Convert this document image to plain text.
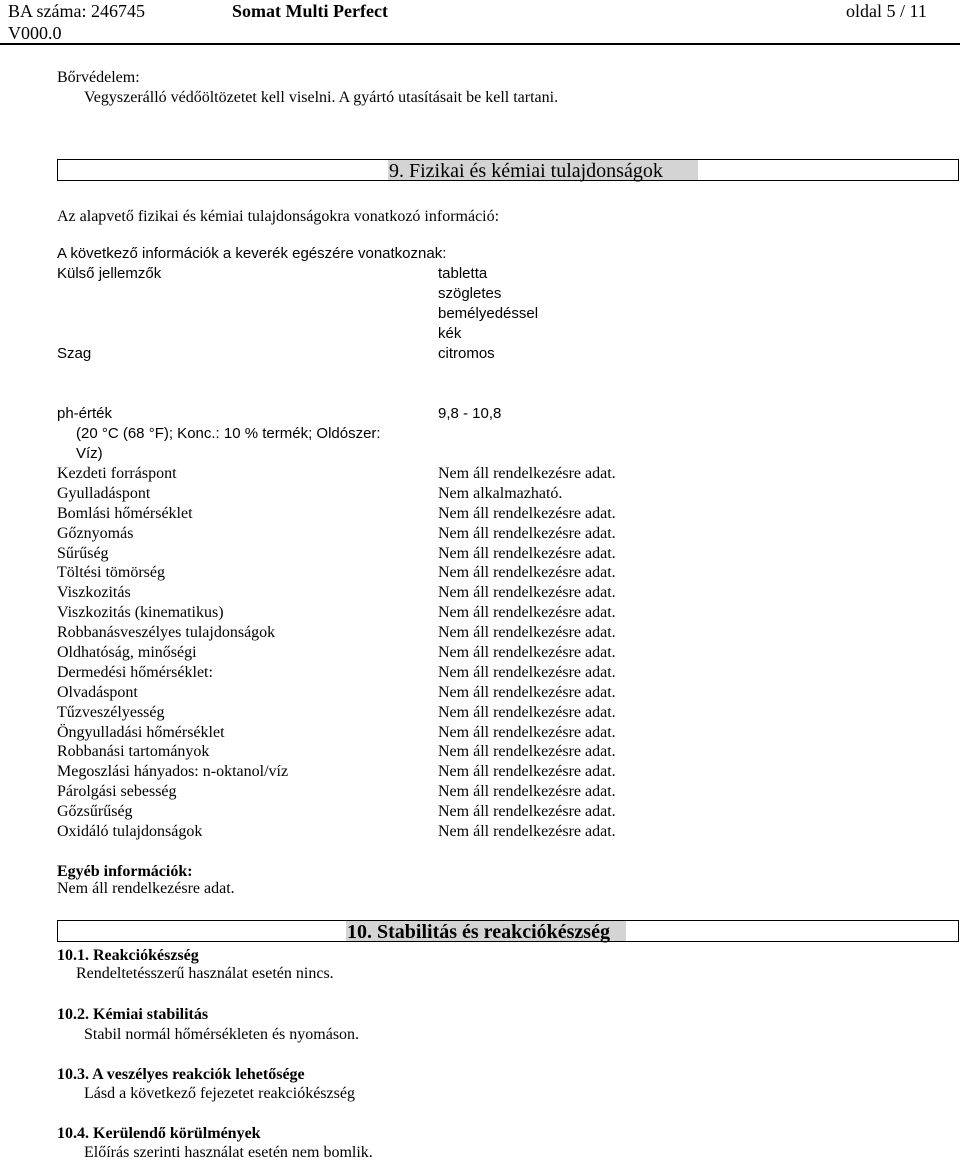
BA száma: 246745
V000.0
Somat Multi Perfect	oldal 5 / 11
Bőrvédelem:
Vegyszerálló védőöltözetet kell viselni. A gyártó utasításait be kell tartani.
9. Fizikai és kémiai tulajdonságok
Az alapvető fizikai és kémiai tulajdonságokra vonatkozó információ:
A következő információk a keverék egészére vonatkoznak:
Külső jellemzők	tabletta
szögletes
bemélyedéssel
kék
Szag	citromos
ph-érték	9,8 - 10,8
(20 °C (68 °F); Konc.: 10 % termék; Oldószer:
Víz)
Kezdeti forráspont	Nem áll rendelkezésre adat.
Gyulladáspont	Nem alkalmazható.
Bomlási hőmérséklet	Nem áll rendelkezésre adat.
Gőznyomás	Nem áll rendelkezésre adat.
Sűrűség	Nem áll rendelkezésre adat.
Töltési tömörség	Nem áll rendelkezésre adat.
Viszkozitás	Nem áll rendelkezésre adat.
Viszkozitás (kinematikus)	Nem áll rendelkezésre adat.
Robbanásveszélyes tulajdonságok	Nem áll rendelkezésre adat.
Oldhatóság, minőségi	Nem áll rendelkezésre adat.
Dermedési hőmérséklet:	Nem áll rendelkezésre adat.
Olvadáspont	Nem áll rendelkezésre adat.
Tűzveszélyesség	Nem áll rendelkezésre adat.
Öngyulladási hőmérséklet	Nem áll rendelkezésre adat.
Robbanási tartományok	Nem áll rendelkezésre adat.
Megoszlási hányados: n-oktanol/víz	Nem áll rendelkezésre adat.
Párolgási sebesség	Nem áll rendelkezésre adat.
Gőzsűrűség	Nem áll rendelkezésre adat.
Oxidáló tulajdonságok	Nem áll rendelkezésre adat.
Egyéb információk:
Nem áll rendelkezésre adat.
10. Stabilitás és reakciókészség
10.1. Reakciókészség
Rendeltetésszerű használat esetén nincs.
10.2. Kémiai stabilitás
Stabil normál hőmérsékleten és nyomáson.
10.3. A veszélyes reakciók lehetősége
Lásd a következő fejezetet reakciókészség
10.4. Kerülendő körülmények
Előírás szerinti használat esetén nem bomlik.
